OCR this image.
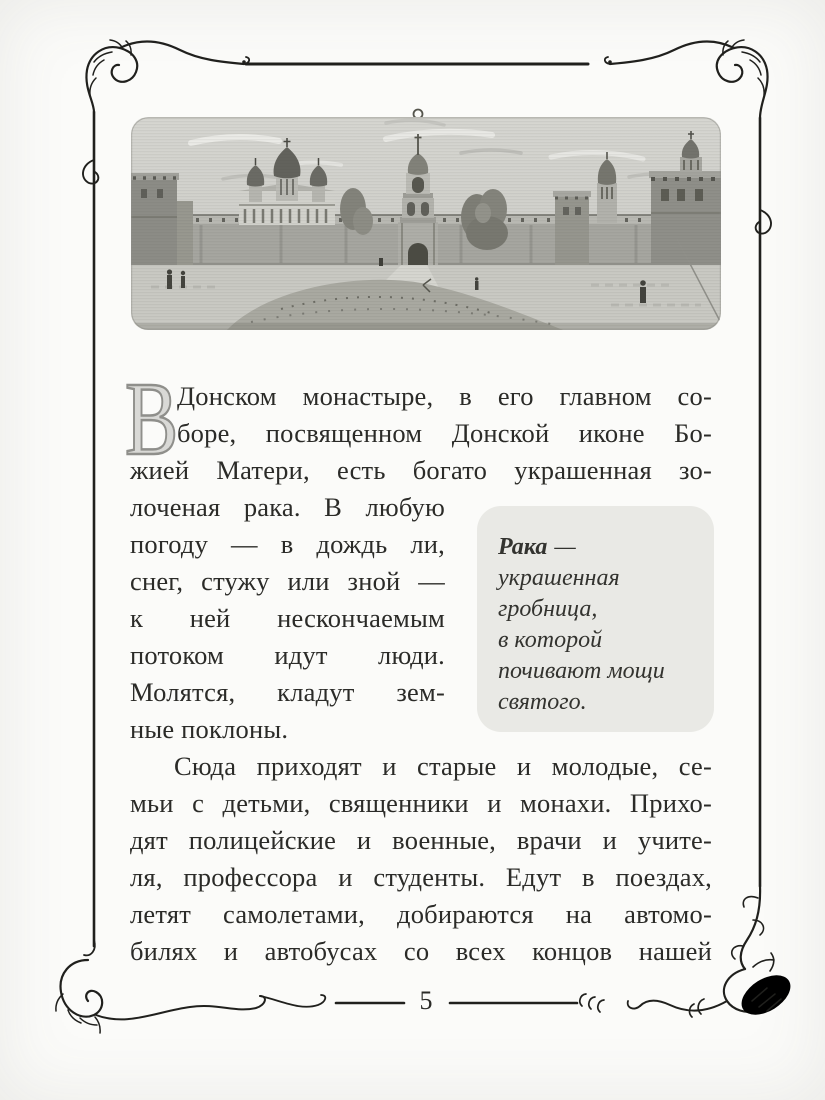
В
Донском монастыре, в его главном со-
боре, посвященном Донской иконе Бо-
жией Матери, есть богато украшенная зо-
лоченая рака. В любую
погоду — в дождь ли,
снег, стужу или зной —
к ней нескончаемым
потоком идут люди.
Молятся, кладут зем-
ные поклоны.
Рака —
украшенная
гробница,
в которой
почивают мощи
святого.
Сюда приходят и старые и молодые, се-
мьи с детьми, священники и монахи. Прихо-
дят полицейские и военные, врачи и учите-
ля, профессора и студенты. Едут в поездах,
летят самолетами, добираются на автомо-
билях и автобусах со всех концов нашей
5
